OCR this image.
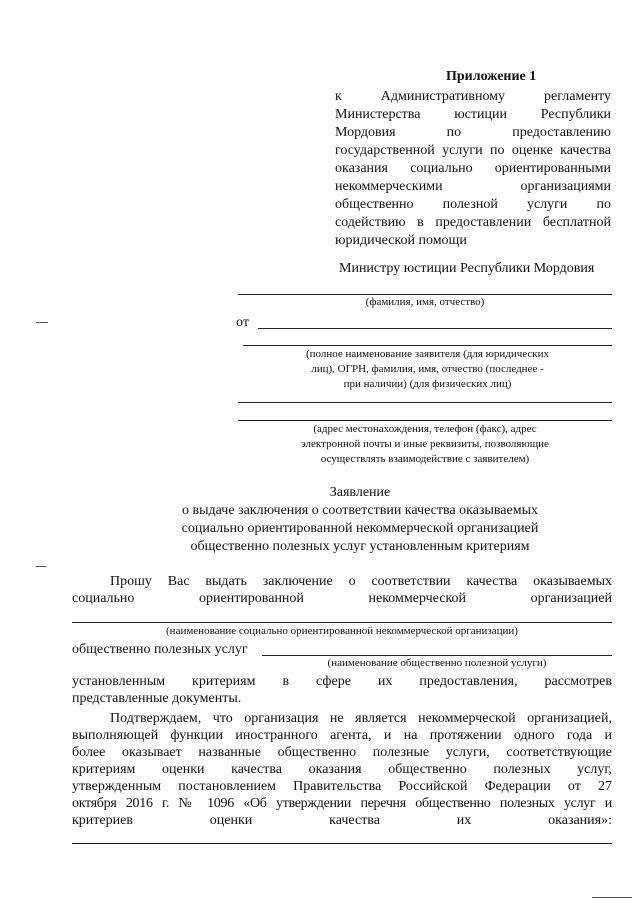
Приложение 1
к Административному регламенту
Министерства юстиции Республики
Мордовия по предоставлению
государственной услуги по оценке качества
оказания социально ориентированными
некоммерческими организациями
общественно полезной услуги по
содействию в предоставлении бесплатной
юридической помощи
Министру юстиции Республики Мордовия
(фамилия, имя, отчество)
от
(полное наименование заявителя (для юридических
лиц), ОГРН, фамилия, имя, отчество (последнее -
при наличии) (для физических лиц)
(адрес местонахождения, телефон (факс), адрес
электронной почты и иные реквизиты, позволяющие
осуществлять взаимодействие с заявителем)
Заявление
о выдаче заключения о соответствии качества оказываемых
социально ориентированной некоммерческой организацией
общественно полезных услуг установленным критериям
Прошу Вас выдать заключение о соответствии качества оказываемых
социально ориентированной некоммерческой организацией
(наименование социально ориентированной некоммерческой организации)
общественно полезных услуг
(наименование общественно полезной услуги)
установленным критериям в сфере их предоставления, рассмотрев
представленные документы.
Подтверждаем, что организация не является некоммерческой организацией,
выполняющей функции иностранного агента, и на протяжении одного года и
более оказывает названные общественно полезные услуги, соответствующие
критериям оценки качества оказания общественно полезных услуг,
утвержденным постановлением Правительства Российской Федерации от 27
октября 2016 г. № 1096 «Об утверждении перечня общественно полезных услуг и
критериев оценки качества их оказания»:
